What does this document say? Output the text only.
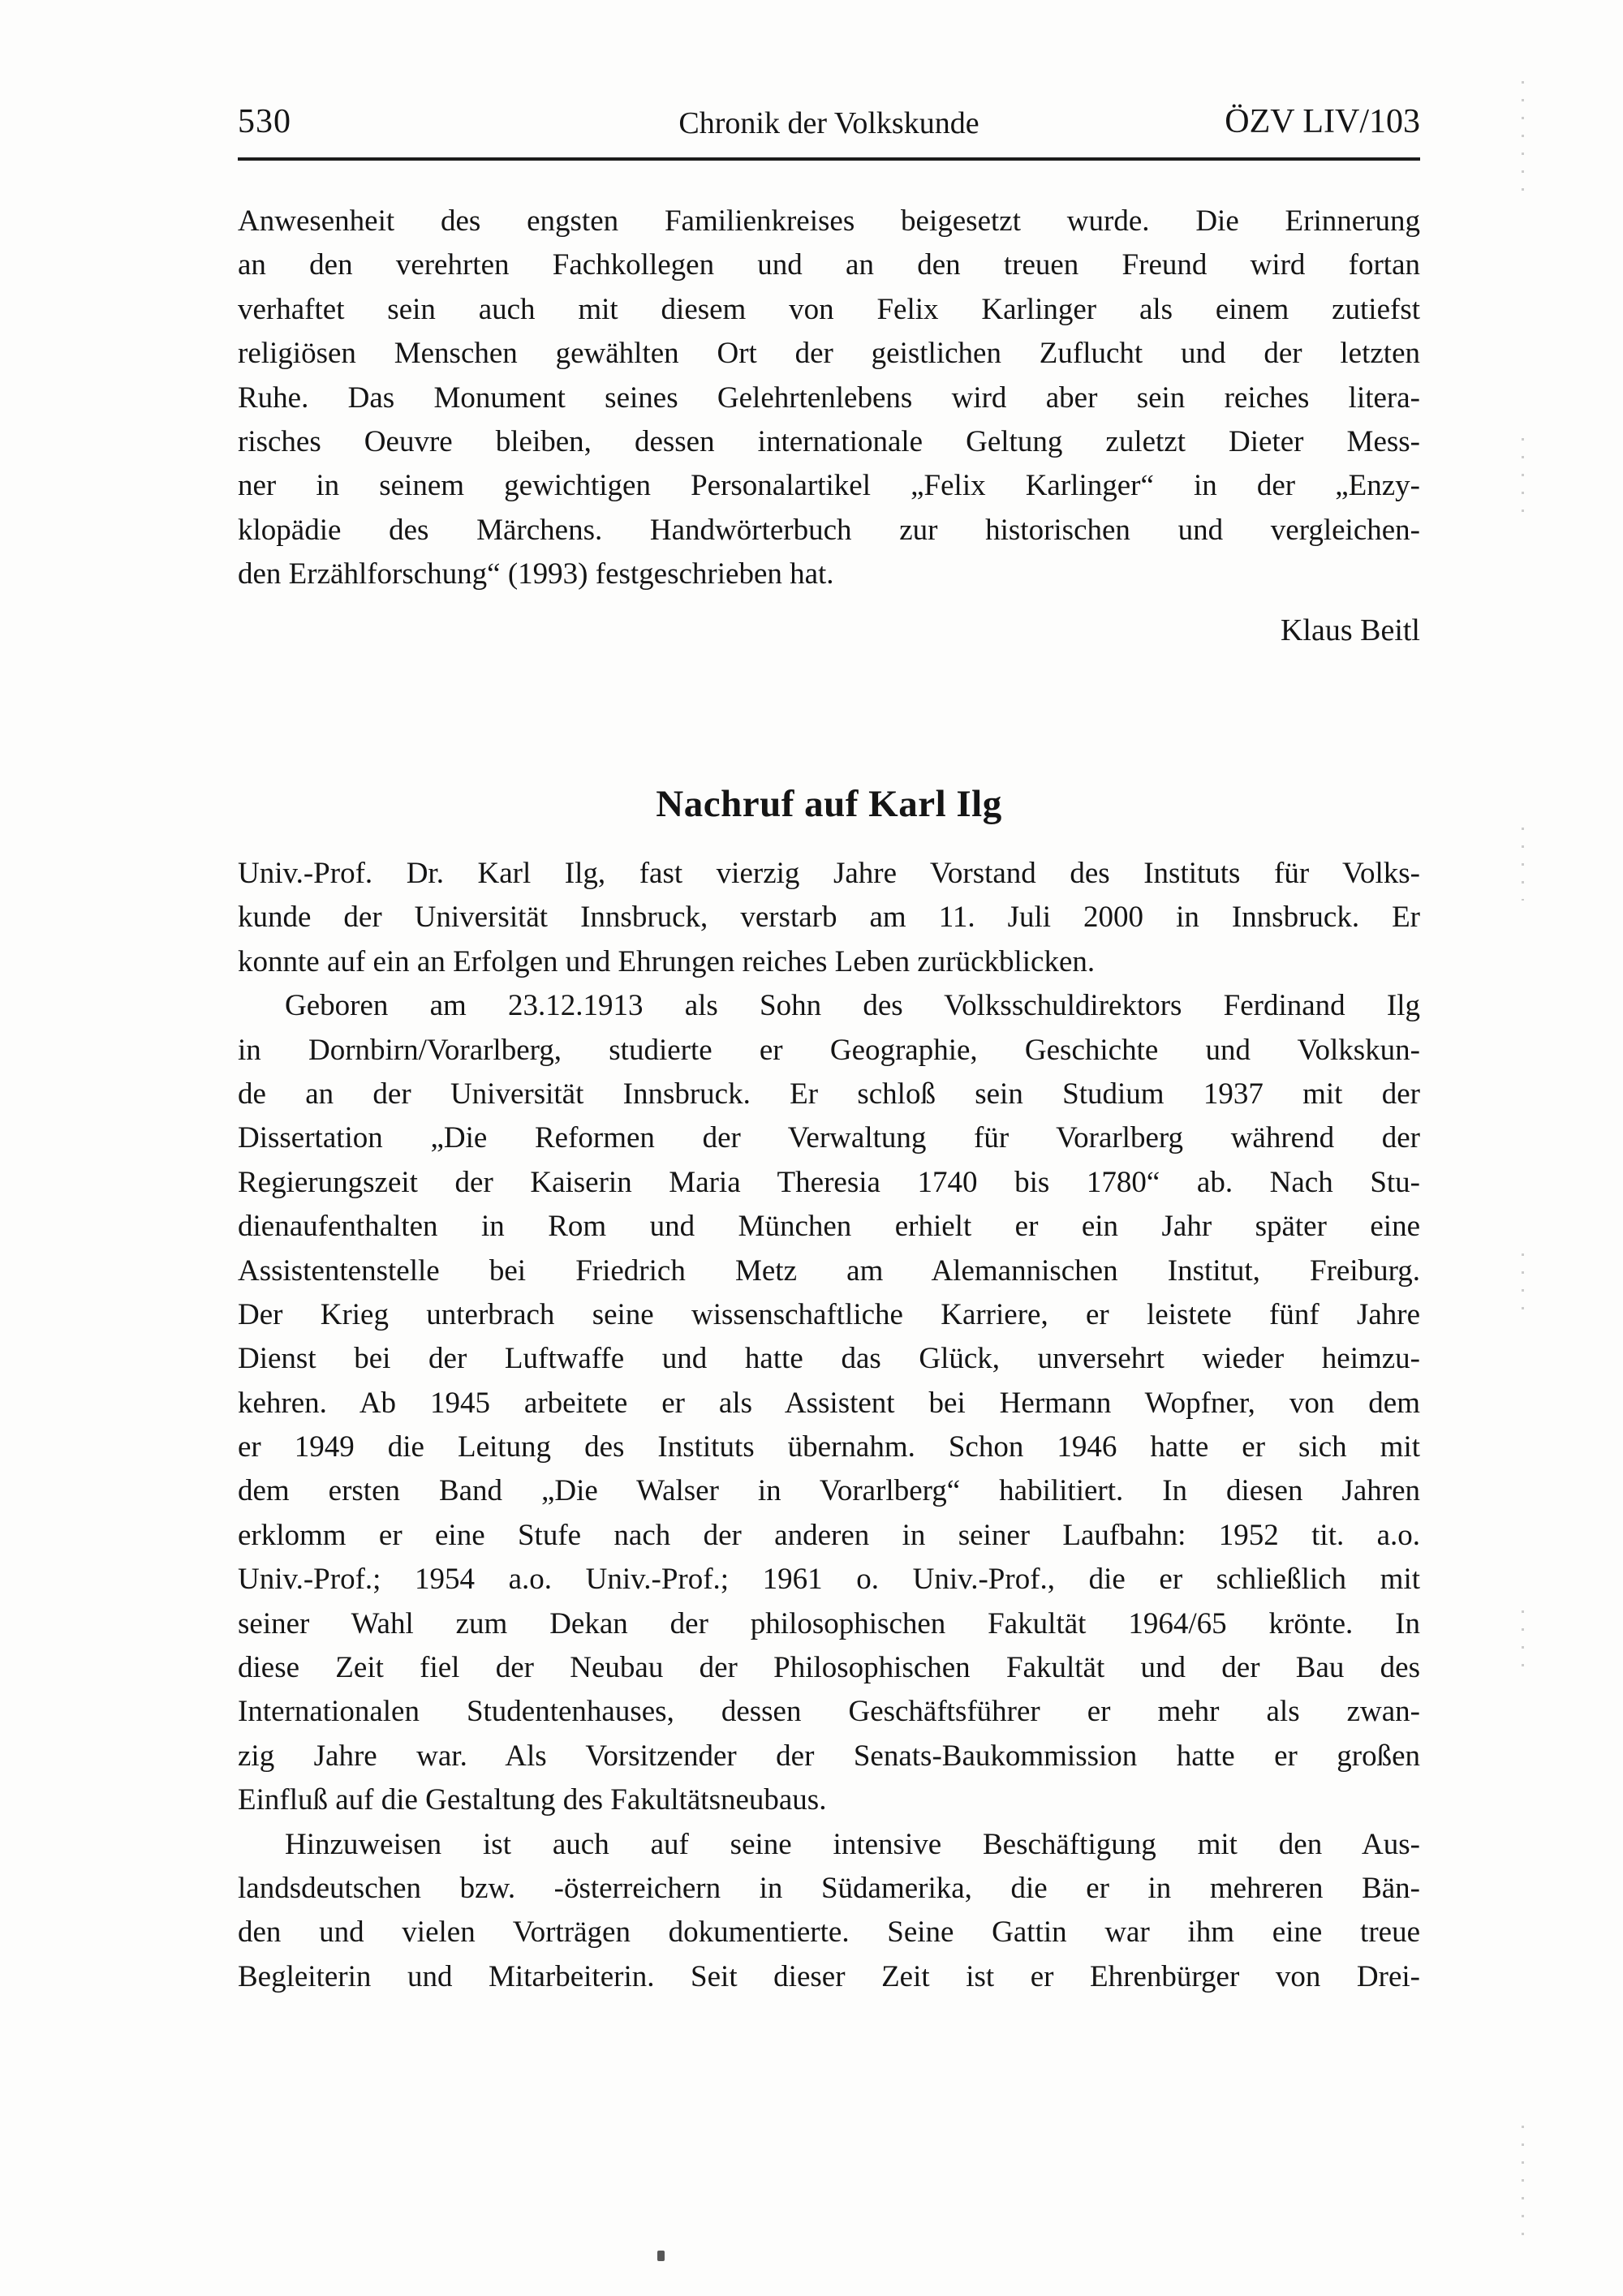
530	Chronik der Volkskunde	ÖZV LIV/103
Anwesenheit des engsten Familienkreises beigesetzt wurde. Die Erinnerung
an den verehrten Fachkollegen und an den treuen Freund wird fortan
verhaftet sein auch mit diesem von Felix Karlinger als einem zutiefst
religiösen Menschen gewählten Ort der geistlichen Zuflucht und der letzten
Ruhe. Das Monument seines Gelehrtenlebens wird aber sein reiches litera-
risches Oeuvre bleiben, dessen internationale Geltung zuletzt Dieter Mess-
ner in seinem gewichtigen Personalartikel „Felix Karlinger“ in der „Enzy-
klopädie des Märchens. Handwörterbuch zur historischen und vergleichen-
den Erzählforschung“ (1993) festgeschrieben hat.
Klaus Beitl
Nachruf auf Karl Ilg
Univ.-Prof. Dr. Karl Ilg, fast vierzig Jahre Vorstand des Instituts für Volks-
kunde der Universität Innsbruck, verstarb am 11. Juli 2000 in Innsbruck. Er
konnte auf ein an Erfolgen und Ehrungen reiches Leben zurückblicken.
Geboren am 23.12.1913 als Sohn des Volksschuldirektors Ferdinand Ilg
in Dornbirn/Vorarlberg, studierte er Geographie, Geschichte und Volkskun-
de an der Universität Innsbruck. Er schloß sein Studium 1937 mit der
Dissertation „Die Reformen der Verwaltung für Vorarlberg während der
Regierungszeit der Kaiserin Maria Theresia 1740 bis 1780“ ab. Nach Stu-
dienaufenthalten in Rom und München erhielt er ein Jahr später eine
Assistentenstelle bei Friedrich Metz am Alemannischen Institut, Freiburg.
Der Krieg unterbrach seine wissenschaftliche Karriere, er leistete fünf Jahre
Dienst bei der Luftwaffe und hatte das Glück, unversehrt wieder heimzu-
kehren. Ab 1945 arbeitete er als Assistent bei Hermann Wopfner, von dem
er 1949 die Leitung des Instituts übernahm. Schon 1946 hatte er sich mit
dem ersten Band „Die Walser in Vorarlberg“ habilitiert. In diesen Jahren
erklomm er eine Stufe nach der anderen in seiner Laufbahn: 1952 tit. a.o.
Univ.-Prof.; 1954 a.o. Univ.-Prof.; 1961 o. Univ.-Prof., die er schließlich mit
seiner Wahl zum Dekan der philosophischen Fakultät 1964/65 krönte. In
diese Zeit fiel der Neubau der Philosophischen Fakultät und der Bau des
Internationalen Studentenhauses, dessen Geschäftsführer er mehr als zwan-
zig Jahre war. Als Vorsitzender der Senats-Baukommission hatte er großen
Einfluß auf die Gestaltung des Fakultätsneubaus.
Hinzuweisen ist auch auf seine intensive Beschäftigung mit den Aus-
landsdeutschen bzw. -österreichern in Südamerika, die er in mehreren Bän-
den und vielen Vorträgen dokumentierte. Seine Gattin war ihm eine treue
Begleiterin und Mitarbeiterin. Seit dieser Zeit ist er Ehrenbürger von Drei-
